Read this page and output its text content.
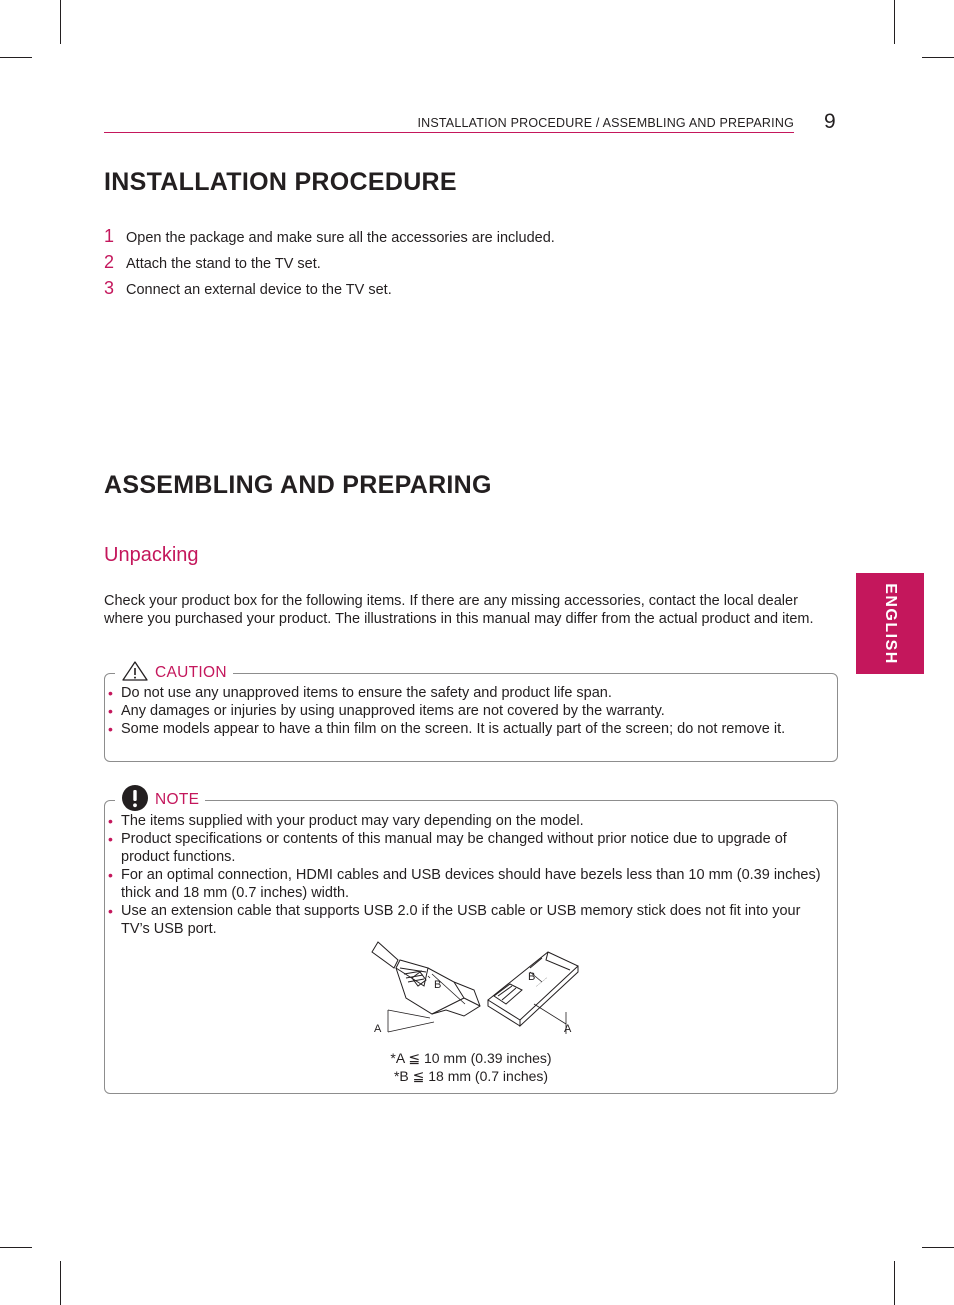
INSTALLATION PROCEDURE / ASSEMBLING AND PREPARING 9
INSTALLATION PROCEDURE
1 Open the package and make sure all the accessories are included.
2 Attach the stand to the TV set.
3 Connect an external device to the TV set.
ASSEMBLING AND PREPARING
Unpacking
Check your product box for the following items. If there are any missing accessories, contact the local dealer where you purchased your product. The illustrations in this manual may differ from the actual product and item.
CAUTION
• Do not use any unapproved items to ensure the safety and product life span.
• Any damages or injuries by using unapproved items are not covered by the warranty.
• Some models appear to have a thin film on the screen. It is actually part of the screen; do not remove it.
NOTE
• The items supplied with your product may vary depending on the model.
• Product specifications or contents of this manual may be changed without prior notice due to upgrade of product functions.
• For an optimal connection, HDMI cables and USB devices should have bezels less than 10 mm (0.39 inches) thick and 18 mm (0.7 inches) width.
• Use an extension cable that supports USB 2.0 if the USB cable or USB memory stick does not fit into your TV’s USB port.
B
A
~~~~~
B
A
*A ≦ 10 mm (0.39 inches)
*B ≦ 18 mm (0.7 inches)
ENGLISH
